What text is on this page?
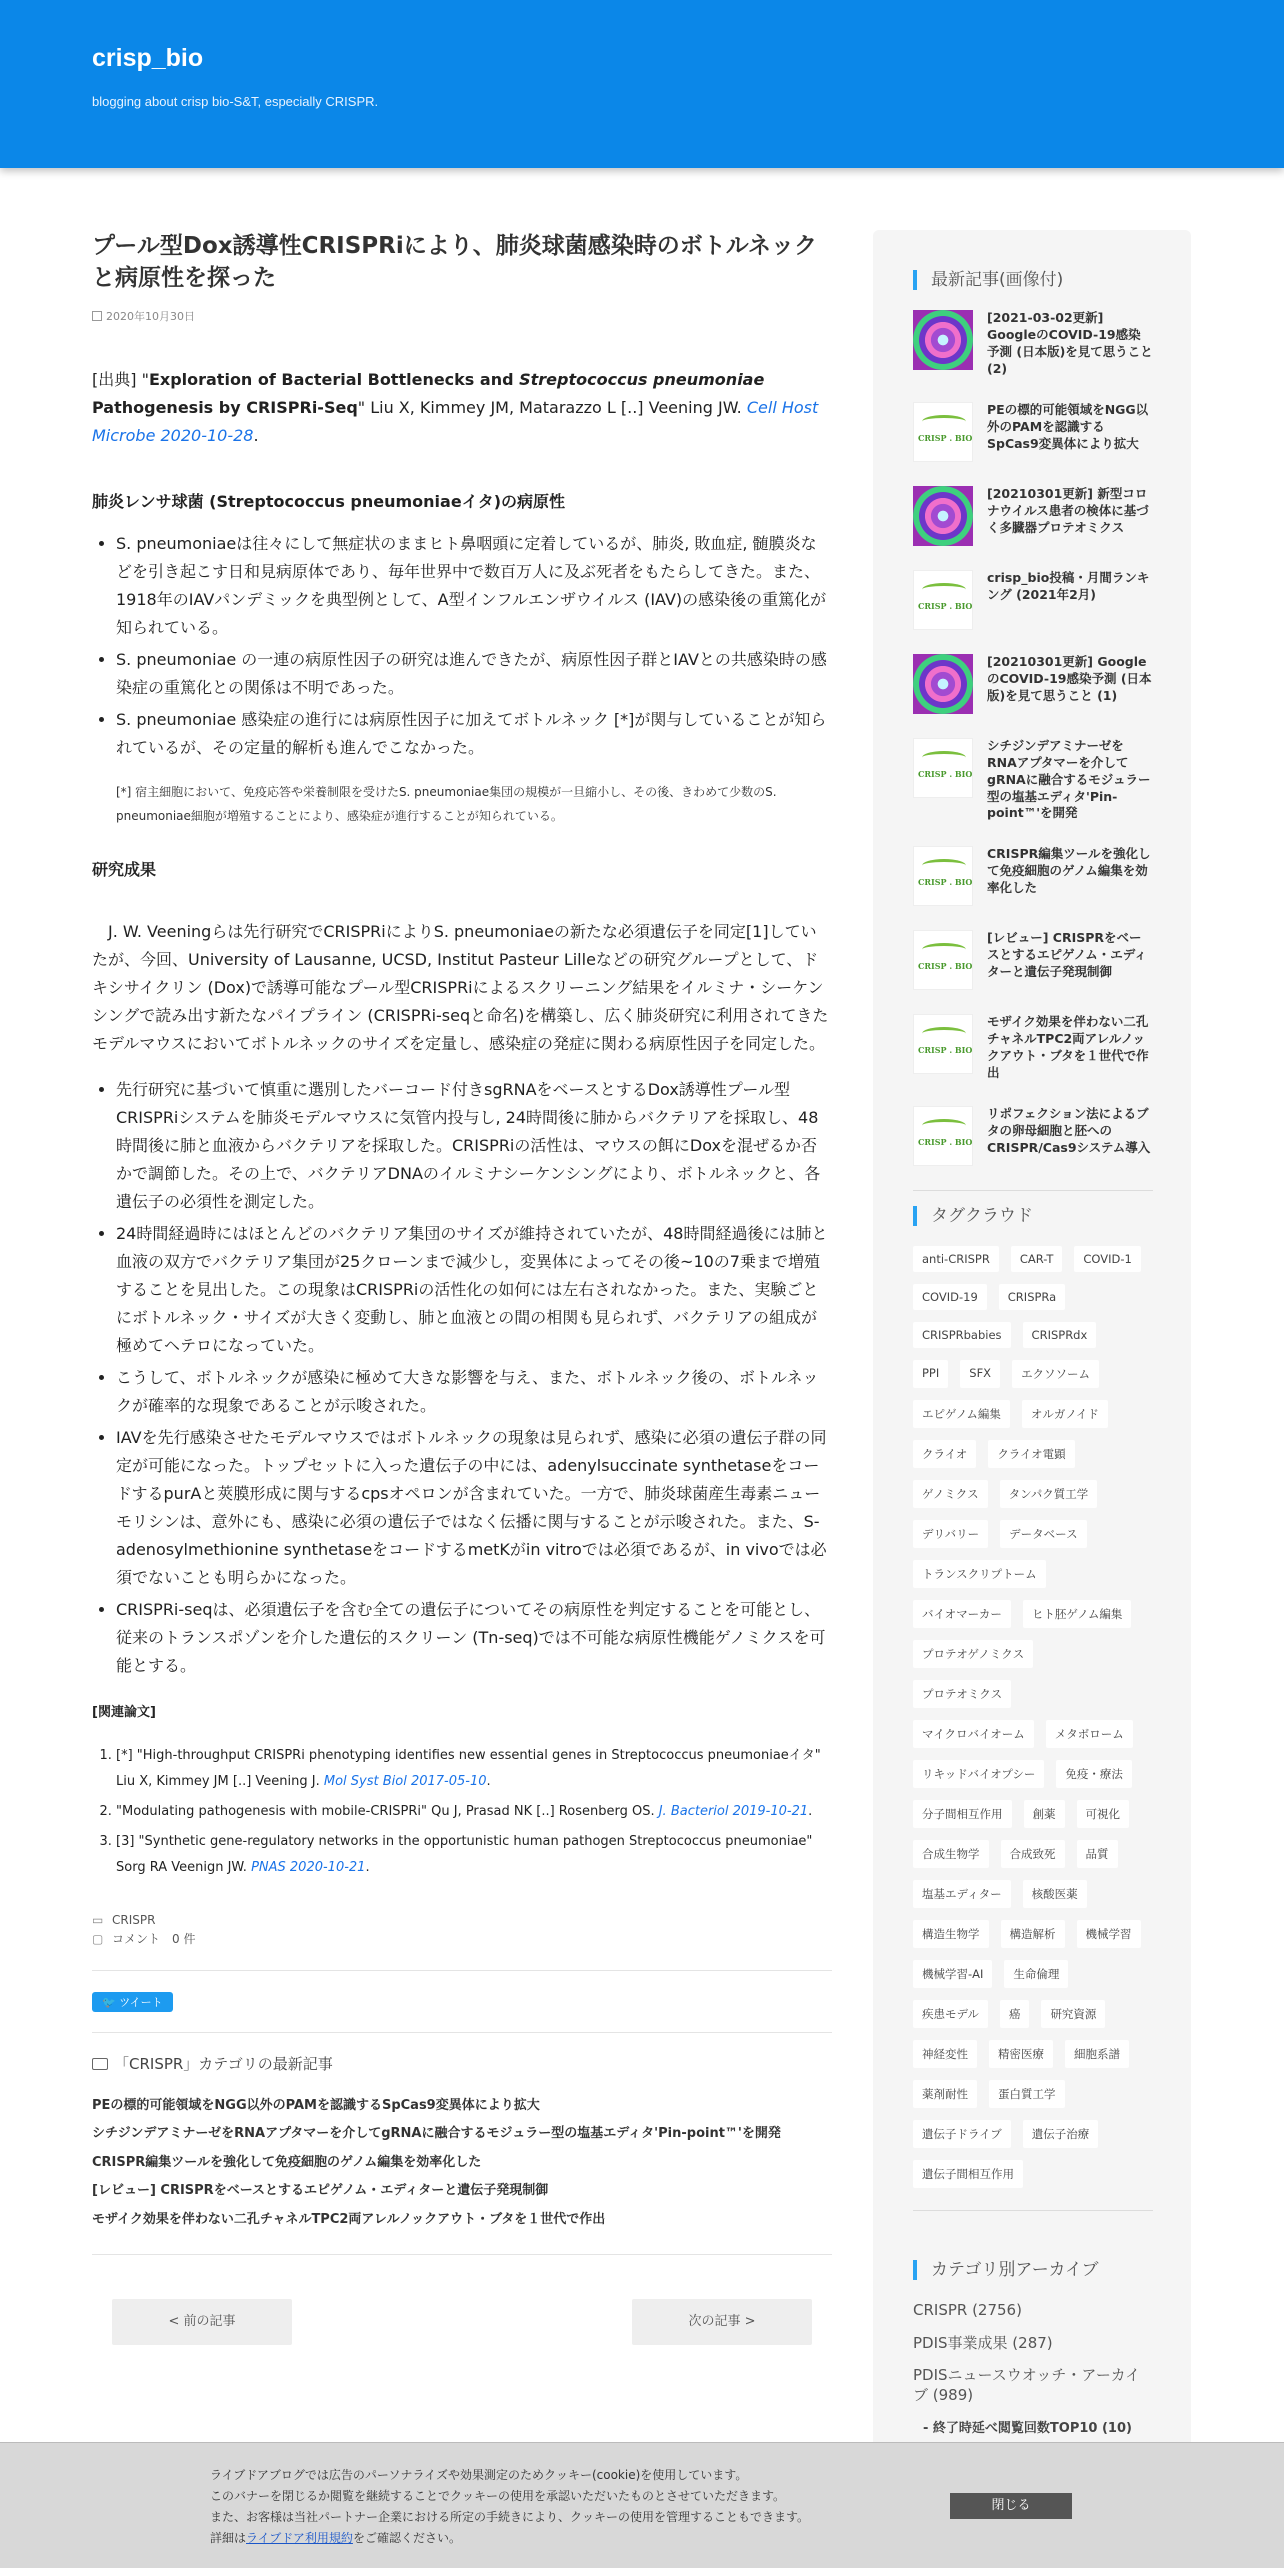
crisp_bio
blogging about crisp bio-S&T, especially CRISPR.
プール型Dox誘導性CRISPRiにより、肺炎球菌感染時のボトルネックと病原性を探った
2020年10月30日

[出典] "Exploration of Bacterial Bottlenecks and Streptococcus pneumoniae Pathogenesis by CRISPRi-Seq" Liu X, Kimmey JM, Matarazzo L [..] Veening JW. Cell Host Microbe 2020-10-28.

肺炎レンサ球菌 (Streptococcus pneumoniaeイタ)の病原性
• S. pneumoniaeは往々にして無症状のままヒト鼻咽頭に定着しているが、肺炎, 敗血症, 髄膜炎などを引き起こす日和見病原体であり、毎年世界中で数百万人に及ぶ死者をもたらしてきた。また、1918年のIAVパンデミックを典型例として、A型インフルエンザウイルス (IAV)の感染後の重篤化が知られている。
• S. pneumoniae の一連の病原性因子の研究は進んできたが、病原性因子群とIAVとの共感染時の感染症の重篤化との関係は不明であった。
• S. pneumoniae 感染症の進行には病原性因子に加えてボトルネック [*]が関与していることが知られているが、その定量的解析も進んでこなかった。
[*] 宿主細胞において、免疫応答や栄養制限を受けたS. pneumoniae集団の規模が一旦縮小し、その後、きわめて少数のS. pneumoniae細胞が増殖することにより、感染症が進行することが知られている。
研究成果

J. W. Veeningらは先行研究でCRISPRiによりS. pneumoniaeの新たな必須遺伝子を同定[1]していたが、今回、University of Lausanne, UCSD, Institut Pasteur Lilleなどの研究グループとして、ドキシサイクリン (Dox)で誘導可能なプール型CRISPRiによるスクリーニング結果をイルミナ・シーケンシングで読み出す新たなパイプライン (CRISPRi-seqと命名)を構築し、広く肺炎研究に利用されてきたモデルマウスにおいてボトルネックのサイズを定量し、感染症の発症に関わる病原性因子を同定した。

• 先行研究に基づいて慎重に選別したバーコード付きsgRNAをベースとするDox誘導性プール型CRISPRiシステムを肺炎モデルマウスに気管内投与し, 24時間後に肺からバクテリアを採取し、48時間後に肺と血液からバクテリアを採取した。CRISPRiの活性は、マウスの餌にDoxを混ぜるか否かで調節した。その上で、バクテリアDNAのイルミナシーケンシングにより、ボトルネックと、各遺伝子の必須性を測定した。
• 24時間経過時にはほとんどのバクテリア集団のサイズが維持されていたが、48時間経過後には肺と血液の双方でバクテリア集団が25クローンまで減少し，変異体によってその後~10の7乗まで増殖することを見出した。この現象はCRISPRiの活性化の如何には左右されなかった。また、実験ごとにボトルネック・サイズが大きく変動し、肺と血液との間の相関も見られず、バクテリアの組成が極めてヘテロになっていた。
• こうして、ボトルネックが感染に極めて大きな影響を与え、また、ボトルネック後の、ボトルネックが確率的な現象であることが示唆された。
• IAVを先行感染させたモデルマウスではボトルネックの現象は見られず、感染に必須の遺伝子群の同定が可能になった。トップセットに入った遺伝子の中には、adenylsuccinate synthetaseをコードするpurAと莢膜形成に関与するcpsオペロンが含まれていた。一方で、肺炎球菌産生毒素ニューモリシンは、意外にも、感染に必須の遺伝子ではなく伝播に関与することが示唆された。また、S-adenosylmethionine synthetaseをコードするmetKがin vitroでは必須であるが、in vivoでは必須でないことも明らかになった。
• CRISPRi-seqは、必須遺伝子を含む全ての遺伝子についてその病原性を判定することを可能とし、従来のトランスポゾンを介した遺伝的スクリーン (Tn-seq)では不可能な病原性機能ゲノミクスを可能とする。
[関連論文]
1. [*] "High-throughput CRISPRi phenotyping identifies new essential genes in Streptococcus pneumoniaeイタ" Liu X, Kimmey JM [..] Veening J. Mol Syst Biol 2017-05-10.
2. "Modulating pathogenesis with mobile-CRISPRi" Qu J, Prasad NK [..] Rosenberg OS. J. Bacteriol 2019-10-21.
3. [3] "Synthetic gene-regulatory networks in the opportunistic human pathogen Streptococcus pneumoniae" Sorg RA Veenign JW. PNAS 2020-10-21.
▭ CRISPR
▢ コメント　0 件
🐦 ツイート
「CRISPR」カテゴリの最新記事
PEの標的可能領域をNGG以外のPAMを認識するSpCas9変異体により拡大
シチジンデアミナーゼをRNAアプタマーを介してgRNAに融合するモジュラー型の塩基エディタ'Pin-point™'を開発
CRISPR編集ツールを強化して免疫細胞のゲノム編集を効率化した
[レビュー] CRISPRをベースとするエピゲノム・エディターと遺伝子発現制御
モザイク効果を伴わない二孔チャネルTPC2両アレルノックアウト・ブタを１世代で作出
< 前の記事	次の記事 >
最新記事(画像付)
[2021-03-02更新] GoogleのCOVID-19感染予測 (日本版)を見て思うこと (2)
CRISP . BIO
PEの標的可能領域をNGG以外のPAMを認識するSpCas9変異体により拡大
[20210301更新] 新型コロナウイルス患者の検体に基づく多臓器プロテオミクス
CRISP . BIO
crisp_bio投稿・月間ランキング (2021年2月)
[20210301更新] GoogleのCOVID-19感染予測 (日本版)を見て思うこと (1)
CRISP . BIO
シチジンデアミナーゼをRNAアプタマーを介してgRNAに融合するモジュラー型の塩基エディタ'Pin-point™'を開発
CRISP . BIO
CRISPR編集ツールを強化して免疫細胞のゲノム編集を効率化した
CRISP . BIO
[レビュー] CRISPRをベースとするエピゲノム・エディターと遺伝子発現制御
CRISP . BIO
モザイク効果を伴わない二孔チャネルTPC2両アレルノックアウト・ブタを１世代で作出
CRISP . BIO
リポフェクション法によるブタの卵母細胞と胚へのCRISPR/Cas9システム導入
タグクラウド
anti-CRISPR	CAR-T	COVID-1
COVID-19	CRISPRa
CRISPRbabies	CRISPRdx
PPI	SFX	エクソソーム
エピゲノム編集	オルガノイド
クライオ	クライオ電顕
ゲノミクス	タンパク質工学
デリバリー	データベース
トランスクリプトーム
バイオマーカー	ヒト胚ゲノム編集
プロテオゲノミクス
プロテオミクス
マイクロバイオーム	メタボローム
リキッドバイオプシー	免疫・療法
分子間相互作用	創薬	可視化
合成生物学	合成致死	品質
塩基エディター	核酸医薬
構造生物学	構造解析	機械学習
機械学習-AI	生命倫理
疾患モデル	癌	研究資源
神経変性	精密医療	細胞系譜
薬剤耐性	蛋白質工学
遺伝子ドライブ	遺伝子治療
遺伝子間相互作用
カテゴリ別アーカイブ
CRISPR (2756)
PDIS事業成果 (287)
PDISニュースウオッチ・アーカイブ (989)
- 終了時延べ閲覧回数TOP10 (10)
ライブドアブログでは広告のパーソナライズや効果測定のためクッキー(cookie)を使用しています。
このバナーを閉じるか閲覧を継続することでクッキーの使用を承認いただいたものとさせていただきます。
また、お客様は当社パートナー企業における所定の手続きにより、クッキーの使用を管理することもできます。
詳細はライブドア利用規約をご確認ください。
閉じる
